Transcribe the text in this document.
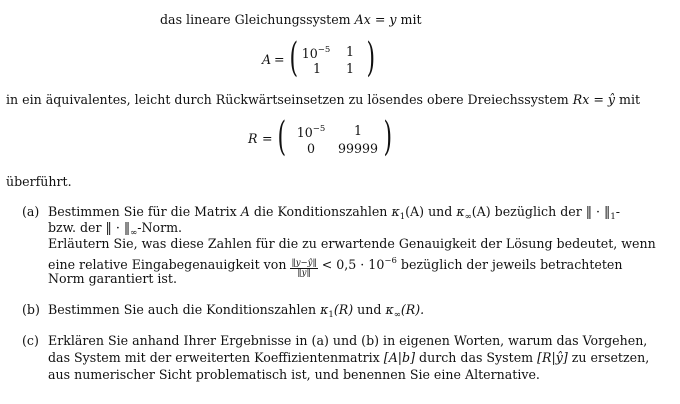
das lineare Gleichungssystem Ax = y mit
A = ( $10^{-5}$	1
1	1 )
in ein äquivalentes, leicht durch Rückwärtseinsetzen zu lösendes obere Dreiechssystem Rx = ŷ mit
R = ( $10^{-5}$	1
0	99999 )
überführt.
(a) Bestimmen Sie für die Matrix A die Konditionszahlen $\kappa_1(A)$ und $\kappa_\infty(A)$ bezüglich der ‖ · $‖_1-$
bzw. der ‖ · $‖_\infty$-Norm.
Erläutern Sie, was diese Zahlen für die zu erwartende Genauigkeit der Lösung bedeutet, wenn
eine relative Eingabegenauigkeit von $\frac{‖y-ŷ‖}{‖y‖} < 0,5 \cdot 10^{-6}$ bezüglich der jeweils betrachteten
Norm garantiert ist.
(b) Bestimmen Sie auch die Konditionszahlen $\kappa_1(R)$ und $\kappa_\infty(R)$.
(c) Erklären Sie anhand Ihrer Ergebnisse in (a) und (b) in eigenen Worten, warum das Vorgehen,
das System mit der erweiterten Koeffizientenmatrix [A|b] durch das System [R|ŷ] zu ersetzen,
aus numerischer Sicht problematisch ist, und benennen Sie eine Alternative.
